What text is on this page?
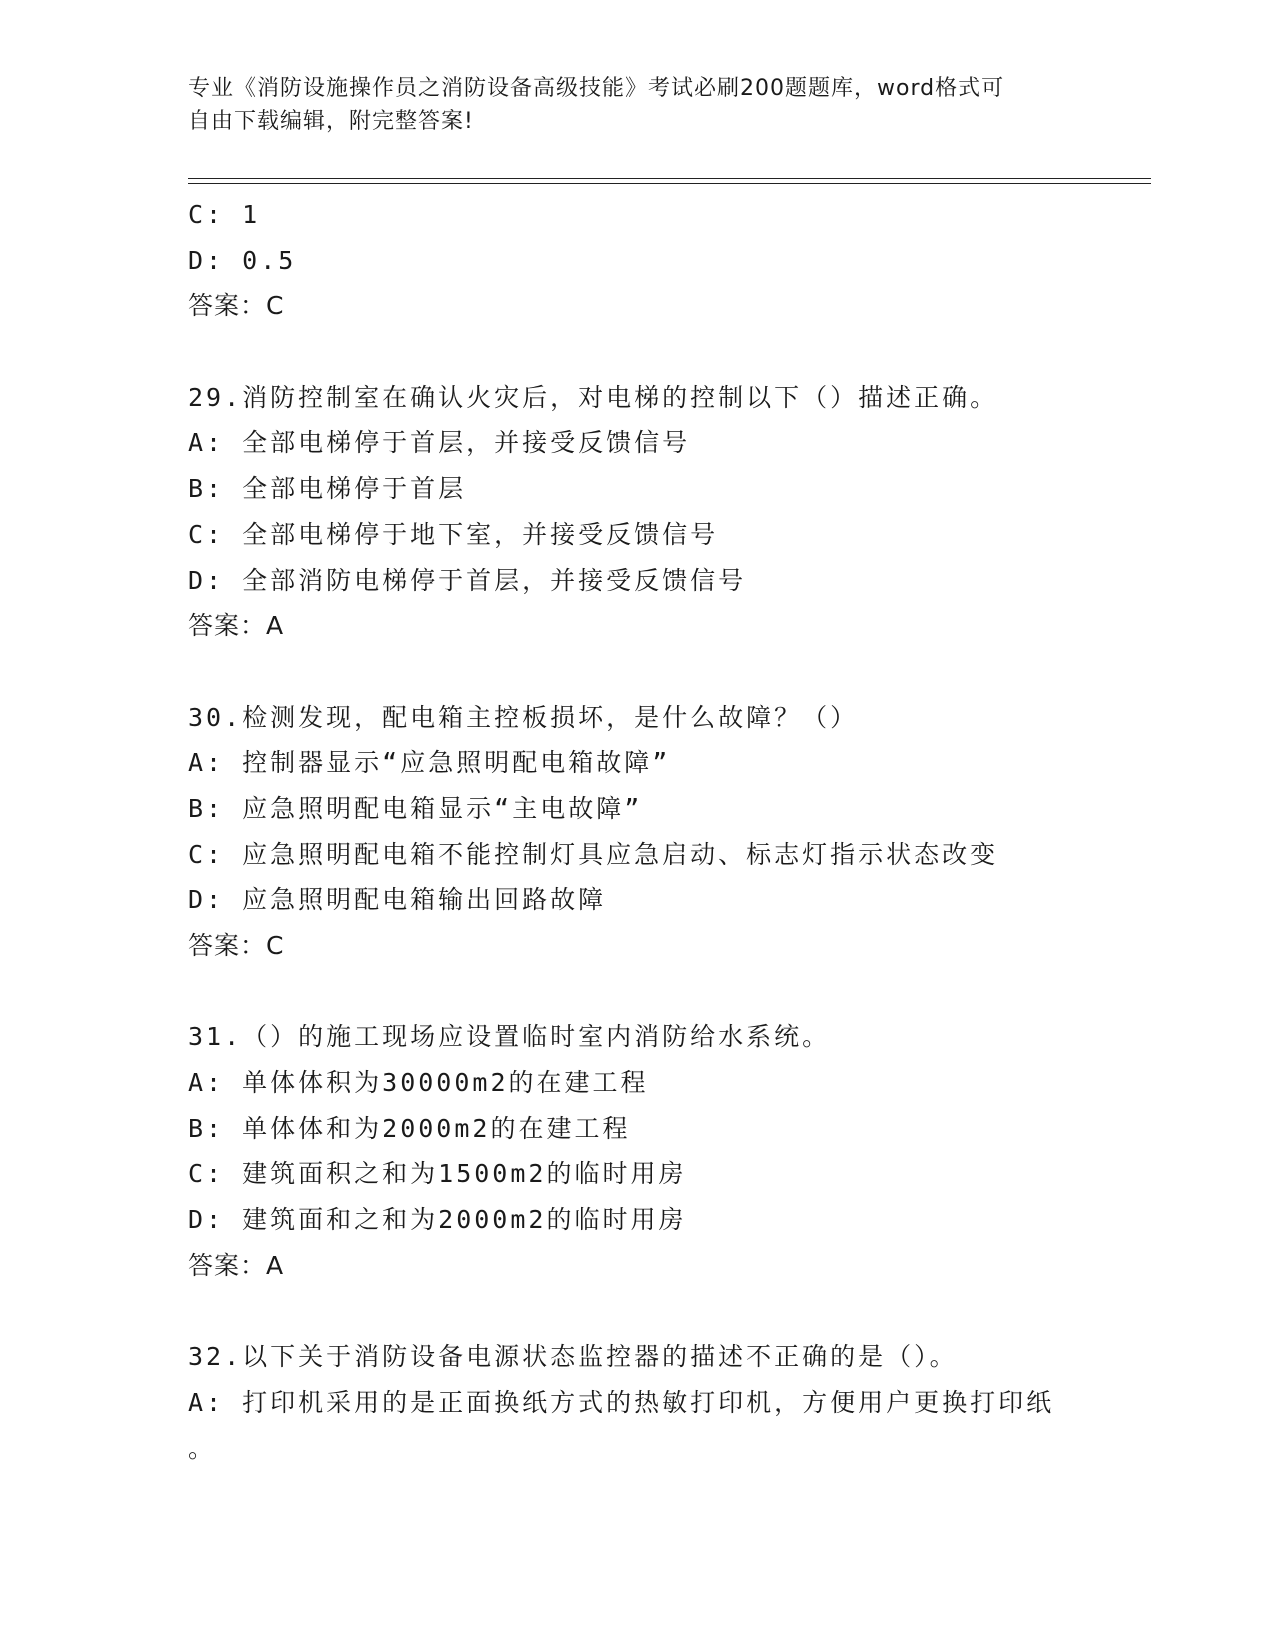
专业《消防设施操作员之消防设备高级技能》考试必刷200题题库，word格式可
自由下载编辑，附完整答案!
C: 1
D: 0.5
答案：C
29.消防控制室在确认火灾后，对电梯的控制以下（）描述正确。
A: 全部电梯停于首层，并接受反馈信号
B: 全部电梯停于首层
C: 全部电梯停于地下室，并接受反馈信号
D: 全部消防电梯停于首层，并接受反馈信号
答案：A
30.检测发现，配电箱主控板损坏，是什么故障？（）
A: 控制器显示“应急照明配电箱故障”
B: 应急照明配电箱显示“主电故障”
C: 应急照明配电箱不能控制灯具应急启动、标志灯指示状态改变
D: 应急照明配电箱输出回路故障
答案：C
31.（）的施工现场应设置临时室内消防给水系统。
A: 单体体积为30000m2的在建工程
B: 单体体和为2000m2的在建工程
C: 建筑面积之和为1500m2的临时用房
D: 建筑面和之和为2000m2的临时用房
答案：A
32.以下关于消防设备电源状态监控器的描述不正确的是（）。
A: 打印机采用的是正面换纸方式的热敏打印机，方便用户更换打印纸
。
